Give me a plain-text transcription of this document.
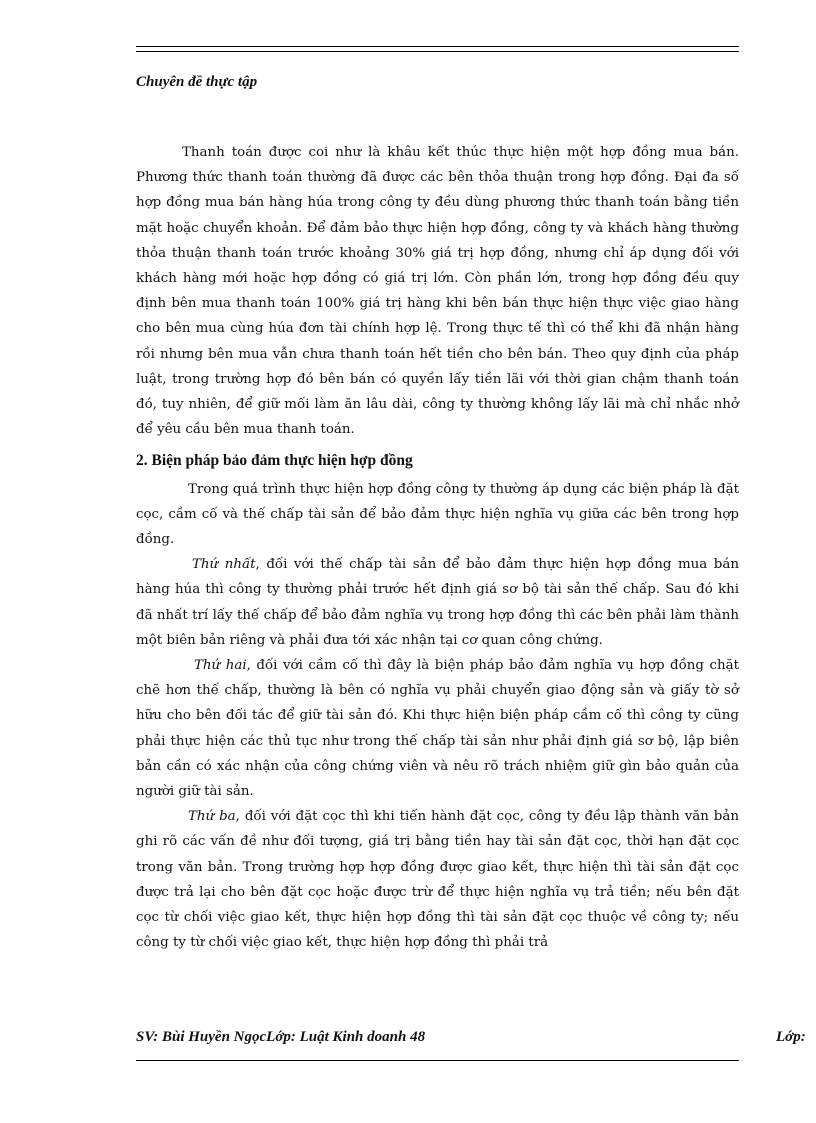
Chuyên đề thực tập

Thanh toán được coi như là khâu kết thúc thực hiện một hợp đồng mua bán. Phương thức thanh toán thường đã được các bên thỏa thuận trong hợp đồng. Đại đa số hợp đồng mua bán hàng húa trong công ty đều dùng phương thức thanh toán bằng tiền mặt hoặc chuyển khoản. Để đảm bảo thực hiện hợp đồng, công ty và khách hàng thường thỏa thuận thanh toán trước khoảng 30% giá trị hợp đồng, nhưng chỉ áp dụng đối với khách hàng mới hoặc hợp đồng có giá trị lớn. Còn phần lớn, trong hợp đồng đều quy định bên mua thanh toán 100% giá trị hàng khi bên bán thực hiện thực việc giao hàng cho bên mua cùng húa đơn tài chính hợp lệ. Trong thực tế thì có thể khi đã nhận hàng rồi nhưng bên mua vẫn chưa thanh toán hết tiền cho bên bán. Theo quy định của pháp luật, trong trường hợp đó bên bán có quyền lấy tiền lãi với thời gian chậm thanh toán đó, tuy nhiên, để giữ mối làm ăn lâu dài, công ty thường không lấy lãi mà chỉ nhắc nhở để yêu cầu bên mua thanh toán.

2. Biện pháp bảo đảm thực hiện hợp đồng

Trong quá trình thực hiện hợp đồng công ty thường áp dụng các biện pháp là đặt cọc, cầm cố và thế chấp tài sản để bảo đảm thực hiện nghĩa vụ giữa các bên trong hợp đồng.

Thứ nhất, đối với thế chấp tài sản để bảo đảm thực hiện hợp đồng mua bán hàng húa thì công ty thường phải trước hết định giá sơ bộ tài sản thế chấp. Sau đó khi đã nhất trí lấy thế chấp để bảo đảm nghĩa vụ trong hợp đồng thì các bên phải làm thành một biên bản riêng và phải đưa tới xác nhận tại cơ quan công chứng.

Thứ hai, đối với cầm cố thì đây là biện pháp bảo đảm nghĩa vụ hợp đồng chặt chẽ hơn thế chấp, thường là bên có nghĩa vụ phải chuyển giao động sản và giấy tờ sở hữu cho bên đối tác để giữ tài sản đó. Khi thực hiện biện pháp cầm cố thì công ty cũng phải thực hiện các thủ tục như trong thế chấp tài sản như phải định giá sơ bộ, lập biên bản cần có xác nhận của công chứng viên và nêu rõ trách nhiệm giữ gìn bảo quản của người giữ tài sản.

Thứ ba, đối với đặt cọc thì khi tiến hành đặt cọc, công ty đều lập thành văn bản ghi rõ các vấn đề như đối tượng, giá trị bằng tiền hay tài sản đặt cọc, thời hạn đặt cọc trong văn bản. Trong trường hợp hợp đồng được giao kết, thực hiện thì tài sản đặt cọc được trả lại cho bên đặt cọc hoặc được trừ để thực hiện nghĩa vụ trả tiền; nếu bên đặt cọc từ chối việc giao kết, thực hiện hợp đồng thì tài sản đặt cọc thuộc về công ty; nếu công ty từ chối việc giao kết, thực hiện hợp đồng thì phải trả

SV: Bùi Huyền NgọcLớp: Luật Kinh doanh 48	Lớp:
